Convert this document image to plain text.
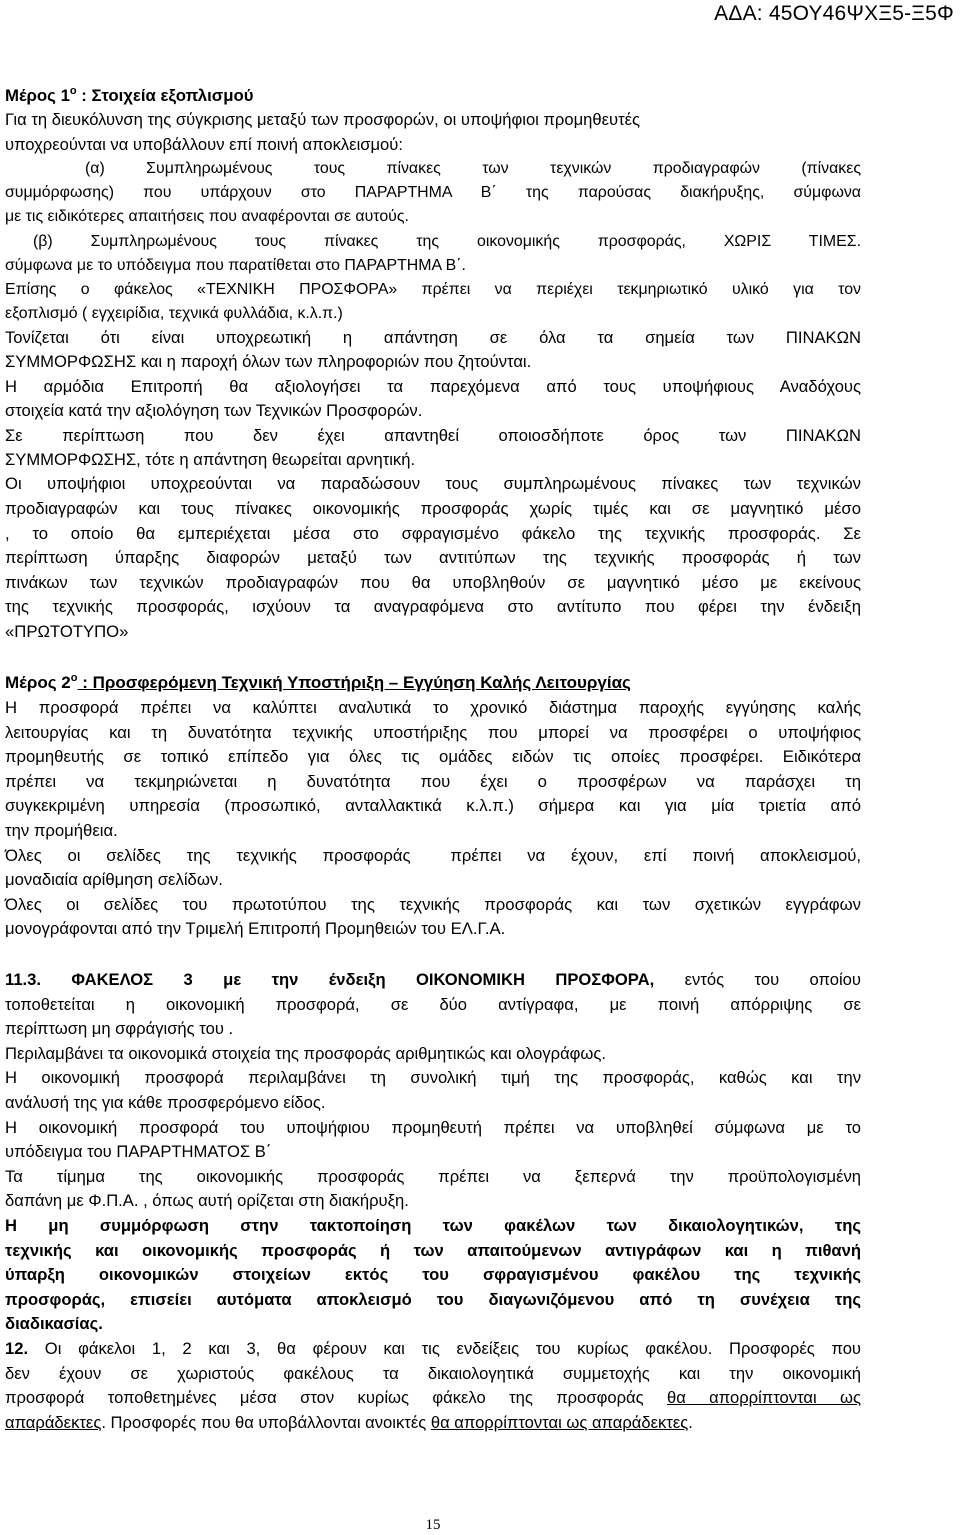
ΑΔΑ: 45ΟΥ46ΨΧΞ5-Ξ5Φ

Μέρος $1^o$ : Στοιχεία εξοπλισμού

Για τη διευκόλυνση της σύγκρισης μεταξύ των προσφορών, οι υποψήφιοι προμηθευτές

υποχρεούνται να υποβάλλουν επί ποινή αποκλεισμού:

(α) Συμπληρωμένους τους πίνακες των τεχνικών προδιαγραφών (πίνακες

συμμόρφωσης) που υπάρχουν στο ΠΑΡΑΡΤΗΜΑ Β΄ της παρούσας διακήρυξης, σύμφωνα

με τις ειδικότερες απαιτήσεις που αναφέρονται σε αυτούς.

(β) Συμπληρωμένους τους πίνακες της οικονομικής προσφοράς, ΧΩΡΙΣ ΤΙΜΕΣ.

σύμφωνα με το υπόδειγμα που παρατίθεται στο ΠΑΡΑΡΤΗΜΑ Β΄.

Επίσης ο φάκελος «ΤΕΧΝΙΚΗ ΠΡΟΣΦΟΡΑ» πρέπει να περιέχει τεκμηριωτικό υλικό για τον

εξοπλισμό ( εγχειρίδια, τεχνικά φυλλάδια, κ.λ.π.)

Τονίζεται ότι είναι υποχρεωτική η απάντηση σε όλα τα σημεία των ΠΙΝΑΚΩΝ

ΣΥΜΜΟΡΦΩΣΗΣ και η παροχή όλων των πληροφοριών που ζητούνται.

Η αρμόδια Επιτροπή θα αξιολογήσει τα παρεχόμενα από τους υποψήφιους Αναδόχους

στοιχεία κατά την αξιολόγηση των Τεχνικών Προσφορών.

Σε περίπτωση που δεν έχει απαντηθεί οποιοσδήποτε όρος των ΠΙΝΑΚΩΝ

ΣΥΜΜΟΡΦΩΣΗΣ, τότε η απάντηση θεωρείται αρνητική.

Οι υποψήφιοι υποχρεούνται να παραδώσουν τους συμπληρωμένους πίνακες των τεχνικών

προδιαγραφών και τους πίνακες οικονομικής προσφοράς χωρίς τιμές και σε μαγνητικό μέσο

, το οποίο θα εμπεριέχεται μέσα στο σφραγισμένο φάκελο της τεχνικής προσφοράς. Σε

περίπτωση ύπαρξης διαφορών μεταξύ των αντιτύπων της τεχνικής προσφοράς ή των

πινάκων των τεχνικών προδιαγραφών που θα υποβληθούν σε μαγνητικό μέσο με εκείνους

της τεχνικής προσφοράς, ισχύουν τα αναγραφόμενα στο αντίτυπο που φέρει την ένδειξη

«ΠΡΩΤΟΤΥΠΟ»

Μέρος $2^o$ : Προσφερόμενη Τεχνική Υποστήριξη – Εγγύηση Καλής Λειτουργίας

Η προσφορά πρέπει να καλύπτει αναλυτικά το χρονικό διάστημα παροχής εγγύησης καλής

λειτουργίας και τη δυνατότητα τεχνικής υποστήριξης που μπορεί να προσφέρει ο υποψήφιος

προμηθευτής σε τοπικό επίπεδο για όλες τις ομάδες ειδών τις οποίες προσφέρει. Ειδικότερα

πρέπει να τεκμηριώνεται η δυνατότητα που έχει ο προσφέρων να παράσχει τη

συγκεκριμένη υπηρεσία (προσωπικό, ανταλλακτικά κ.λ.π.) σήμερα και για μία τριετία από

την προμήθεια.

Όλες οι σελίδες της τεχνικής προσφοράς πρέπει να έχουν, επί ποινή αποκλεισμού,

μοναδιαία αρίθμηση σελίδων.

Όλες οι σελίδες του πρωτοτύπου της τεχνικής προσφοράς και των σχετικών εγγράφων

μονογράφονται από την Τριμελή Επιτροπή Προμηθειών του ΕΛ.Γ.Α.

11.3. ΦΑΚΕΛΟΣ 3 με την ένδειξη ΟΙΚΟΝΟΜΙΚΗ ΠΡΟΣΦΟΡΑ, εντός του οποίου

τοποθετείται η οικονομική προσφορά, σε δύο αντίγραφα, με ποινή απόρριψης σε

περίπτωση μη σφράγισής του .

Περιλαμβάνει τα οικονομικά στοιχεία της προσφοράς αριθμητικώς και ολογράφως.

Η οικονομική προσφορά περιλαμβάνει τη συνολική τιμή της προσφοράς, καθώς και την

ανάλυσή της για κάθε προσφερόμενο είδος.

Η οικονομική προσφορά του υποψήφιου προμηθευτή πρέπει να υποβληθεί σύμφωνα με το

υπόδειγμα του ΠΑΡΑΡΤΗΜΑΤΟΣ Β΄

Τα τίμημα της οικονομικής προσφοράς πρέπει να ξεπερνά την προϋπολογισμένη

δαπάνη με Φ.Π.Α. , όπως αυτή ορίζεται στη διακήρυξη.

Η μη συμμόρφωση στην τακτοποίηση των φακέλων των δικαιολογητικών, της

τεχνικής και οικονομικής προσφοράς ή των απαιτούμενων αντιγράφων και η πιθανή

ύπαρξη οικονομικών στοιχείων εκτός του σφραγισμένου φακέλου της τεχνικής

προσφοράς, επισείει αυτόματα αποκλεισμό του διαγωνιζόμενου από τη συνέχεια της

διαδικασίας.

12. Οι φάκελοι 1, 2 και 3, θα φέρουν και τις ενδείξεις του κυρίως φακέλου. Προσφορές που

δεν έχουν σε χωριστούς φακέλους τα δικαιολογητικά συμμετοχής και την οικονομική

προσφορά τοποθετημένες μέσα στον κυρίως φάκελο της προσφοράς θα απορρίπτονται ως

απαράδεκτες. Προσφορές που θα υποβάλλονται ανοικτές θα απορρίπτονται ως απαράδεκτες.

15
